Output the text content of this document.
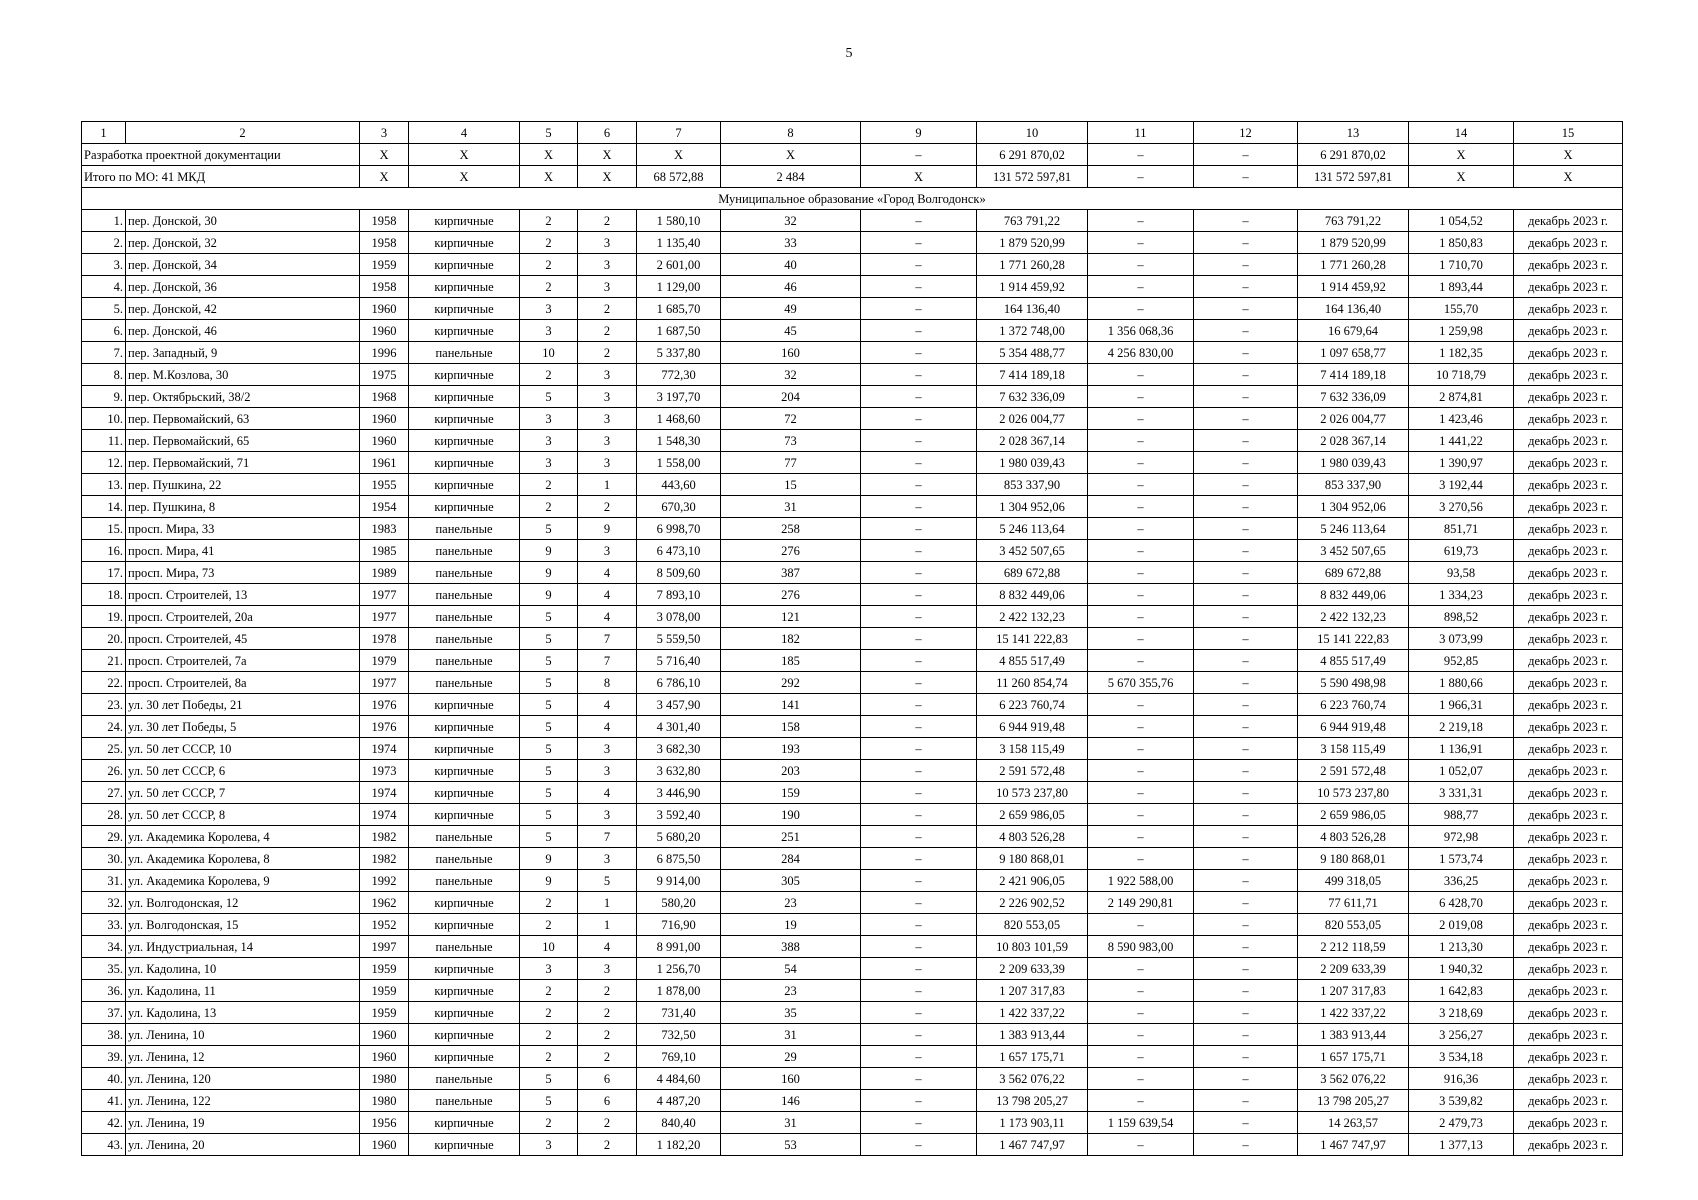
5
1	2	3	4	5	6	7	8	9	10	11	12	13	14	15
Разработка проектной документации		X	X	X	X	X	X	–	6 291 870,02	–	–	6 291 870,02	X	X
Итого по МО: 41 МКД		X	X	X	X	68 572,88	2 484	X	131 572 597,81	–	–	131 572 597,81	X	X
Муниципальное образование «Город Волгодонск»														
1.	пер. Донской, 30	1958	кирпичные	2	2	1 580,10	32	–	763 791,22	–	–	763 791,22	1 054,52	декабрь 2023 г.
2.	пер. Донской, 32	1958	кирпичные	2	3	1 135,40	33	–	1 879 520,99	–	–	1 879 520,99	1 850,83	декабрь 2023 г.
3.	пер. Донской, 34	1959	кирпичные	2	3	2 601,00	40	–	1 771 260,28	–	–	1 771 260,28	1 710,70	декабрь 2023 г.
4.	пер. Донской, 36	1958	кирпичные	2	3	1 129,00	46	–	1 914 459,92	–	–	1 914 459,92	1 893,44	декабрь 2023 г.
5.	пер. Донской, 42	1960	кирпичные	3	2	1 685,70	49	–	164 136,40	–	–	164 136,40	155,70	декабрь 2023 г.
6.	пер. Донской, 46	1960	кирпичные	3	2	1 687,50	45	–	1 372 748,00	1 356 068,36	–	16 679,64	1 259,98	декабрь 2023 г.
7.	пер. Западный, 9	1996	панельные	10	2	5 337,80	160	–	5 354 488,77	4 256 830,00	–	1 097 658,77	1 182,35	декабрь 2023 г.
8.	пер. М.Козлова, 30	1975	кирпичные	2	3	772,30	32	–	7 414 189,18	–	–	7 414 189,18	10 718,79	декабрь 2023 г.
9.	пер. Октябрьский, 38/2	1968	кирпичные	5	3	3 197,70	204	–	7 632 336,09	–	–	7 632 336,09	2 874,81	декабрь 2023 г.
10.	пер. Первомайский, 63	1960	кирпичные	3	3	1 468,60	72	–	2 026 004,77	–	–	2 026 004,77	1 423,46	декабрь 2023 г.
11.	пер. Первомайский, 65	1960	кирпичные	3	3	1 548,30	73	–	2 028 367,14	–	–	2 028 367,14	1 441,22	декабрь 2023 г.
12.	пер. Первомайский, 71	1961	кирпичные	3	3	1 558,00	77	–	1 980 039,43	–	–	1 980 039,43	1 390,97	декабрь 2023 г.
13.	пер. Пушкина, 22	1955	кирпичные	2	1	443,60	15	–	853 337,90	–	–	853 337,90	3 192,44	декабрь 2023 г.
14.	пер. Пушкина, 8	1954	кирпичные	2	2	670,30	31	–	1 304 952,06	–	–	1 304 952,06	3 270,56	декабрь 2023 г.
15.	просп. Мира, 33	1983	панельные	5	9	6 998,70	258	–	5 246 113,64	–	–	5 246 113,64	851,71	декабрь 2023 г.
16.	просп. Мира, 41	1985	панельные	9	3	6 473,10	276	–	3 452 507,65	–	–	3 452 507,65	619,73	декабрь 2023 г.
17.	просп. Мира, 73	1989	панельные	9	4	8 509,60	387	–	689 672,88	–	–	689 672,88	93,58	декабрь 2023 г.
18.	просп. Строителей, 13	1977	панельные	9	4	7 893,10	276	–	8 832 449,06	–	–	8 832 449,06	1 334,23	декабрь 2023 г.
19.	просп. Строителей, 20а	1977	панельные	5	4	3 078,00	121	–	2 422 132,23	–	–	2 422 132,23	898,52	декабрь 2023 г.
20.	просп. Строителей, 45	1978	панельные	5	7	5 559,50	182	–	15 141 222,83	–	–	15 141 222,83	3 073,99	декабрь 2023 г.
21.	просп. Строителей, 7а	1979	панельные	5	7	5 716,40	185	–	4 855 517,49	–	–	4 855 517,49	952,85	декабрь 2023 г.
22.	просп. Строителей, 8а	1977	панельные	5	8	6 786,10	292	–	11 260 854,74	5 670 355,76	–	5 590 498,98	1 880,66	декабрь 2023 г.
23.	ул. 30 лет Победы, 21	1976	кирпичные	5	4	3 457,90	141	–	6 223 760,74	–	–	6 223 760,74	1 966,31	декабрь 2023 г.
24.	ул. 30 лет Победы, 5	1976	кирпичные	5	4	4 301,40	158	–	6 944 919,48	–	–	6 944 919,48	2 219,18	декабрь 2023 г.
25.	ул. 50 лет СССР, 10	1974	кирпичные	5	3	3 682,30	193	–	3 158 115,49	–	–	3 158 115,49	1 136,91	декабрь 2023 г.
26.	ул. 50 лет СССР, 6	1973	кирпичные	5	3	3 632,80	203	–	2 591 572,48	–	–	2 591 572,48	1 052,07	декабрь 2023 г.
27.	ул. 50 лет СССР, 7	1974	кирпичные	5	4	3 446,90	159	–	10 573 237,80	–	–	10 573 237,80	3 331,31	декабрь 2023 г.
28.	ул. 50 лет СССР, 8	1974	кирпичные	5	3	3 592,40	190	–	2 659 986,05	–	–	2 659 986,05	988,77	декабрь 2023 г.
29.	ул. Академика Королева, 4	1982	панельные	5	7	5 680,20	251	–	4 803 526,28	–	–	4 803 526,28	972,98	декабрь 2023 г.
30.	ул. Академика Королева, 8	1982	панельные	9	3	6 875,50	284	–	9 180 868,01	–	–	9 180 868,01	1 573,74	декабрь 2023 г.
31.	ул. Академика Королева, 9	1992	панельные	9	5	9 914,00	305	–	2 421 906,05	1 922 588,00	–	499 318,05	336,25	декабрь 2023 г.
32.	ул. Волгодонская, 12	1962	кирпичные	2	1	580,20	23	–	2 226 902,52	2 149 290,81	–	77 611,71	6 428,70	декабрь 2023 г.
33.	ул. Волгодонская, 15	1952	кирпичные	2	1	716,90	19	–	820 553,05	–	–	820 553,05	2 019,08	декабрь 2023 г.
34.	ул. Индустриальная, 14	1997	панельные	10	4	8 991,00	388	–	10 803 101,59	8 590 983,00	–	2 212 118,59	1 213,30	декабрь 2023 г.
35.	ул. Кадолина, 10	1959	кирпичные	3	3	1 256,70	54	–	2 209 633,39	–	–	2 209 633,39	1 940,32	декабрь 2023 г.
36.	ул. Кадолина, 11	1959	кирпичные	2	2	1 878,00	23	–	1 207 317,83	–	–	1 207 317,83	1 642,83	декабрь 2023 г.
37.	ул. Кадолина, 13	1959	кирпичные	2	2	731,40	35	–	1 422 337,22	–	–	1 422 337,22	3 218,69	декабрь 2023 г.
38.	ул. Ленина, 10	1960	кирпичные	2	2	732,50	31	–	1 383 913,44	–	–	1 383 913,44	3 256,27	декабрь 2023 г.
39.	ул. Ленина, 12	1960	кирпичные	2	2	769,10	29	–	1 657 175,71	–	–	1 657 175,71	3 534,18	декабрь 2023 г.
40.	ул. Ленина, 120	1980	панельные	5	6	4 484,60	160	–	3 562 076,22	–	–	3 562 076,22	916,36	декабрь 2023 г.
41.	ул. Ленина, 122	1980	панельные	5	6	4 487,20	146	–	13 798 205,27	–	–	13 798 205,27	3 539,82	декабрь 2023 г.
42.	ул. Ленина, 19	1956	кирпичные	2	2	840,40	31	–	1 173 903,11	1 159 639,54	–	14 263,57	2 479,73	декабрь 2023 г.
43.	ул. Ленина, 20	1960	кирпичные	3	2	1 182,20	53	–	1 467 747,97	–	–	1 467 747,97	1 377,13	декабрь 2023 г.
